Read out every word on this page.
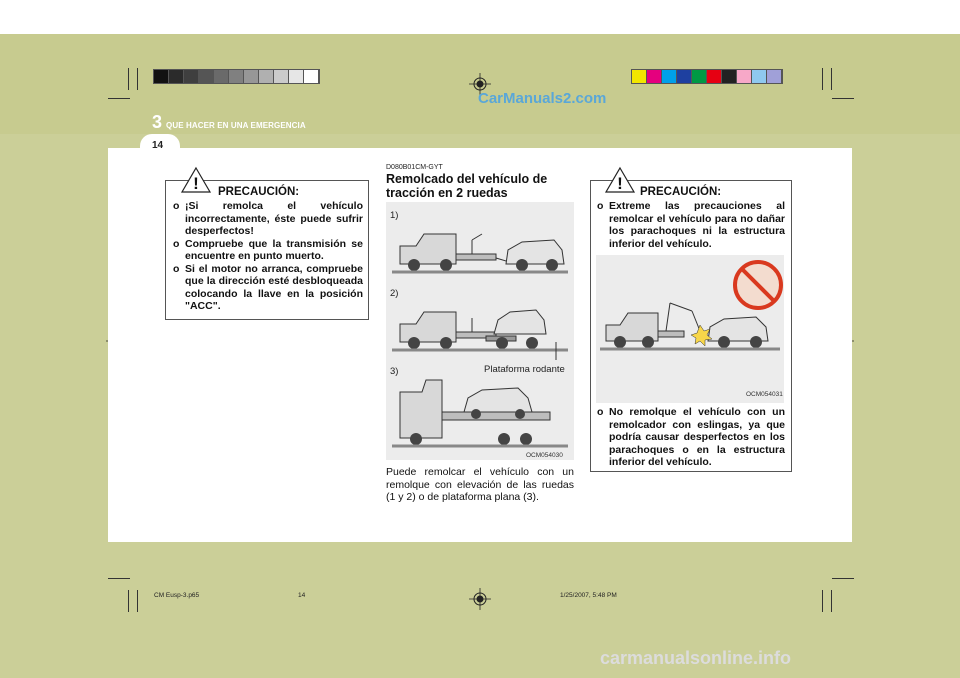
CarManuals2.com
3 QUE HACER EN UNA EMERGENCIA
14
! PRECAUCIÓN:
o ¡Si remolca el vehículo incorrectamente, éste puede sufrir desperfectos!
o Compruebe que la transmisión se encuentre en punto muerto.
o Si el motor no arranca, compruebe que la dirección esté desbloqueada colocando la llave en la posición "ACC".
D080B01CM-GYT
Remolcado del vehículo de tracción en 2 ruedas
1)
2)
3)	Plataforma rodante
OCM054030
Puede remolcar el vehículo con un remolque con elevación de las ruedas (1 y 2) o de plataforma plana (3).
! PRECAUCIÓN:
o Extreme las precauciones al remolcar el vehículo para no dañar los parachoques ni la estructura inferior del vehículo.
OCM054031
o No remolque el vehículo con un remolcador con eslingas, ya que podría causar desperfectos en los parachoques o en la estructura inferior del vehículo.
CM Eusp-3.p65	14	1/25/2007, 5:48 PM
carmanualsonline.info
